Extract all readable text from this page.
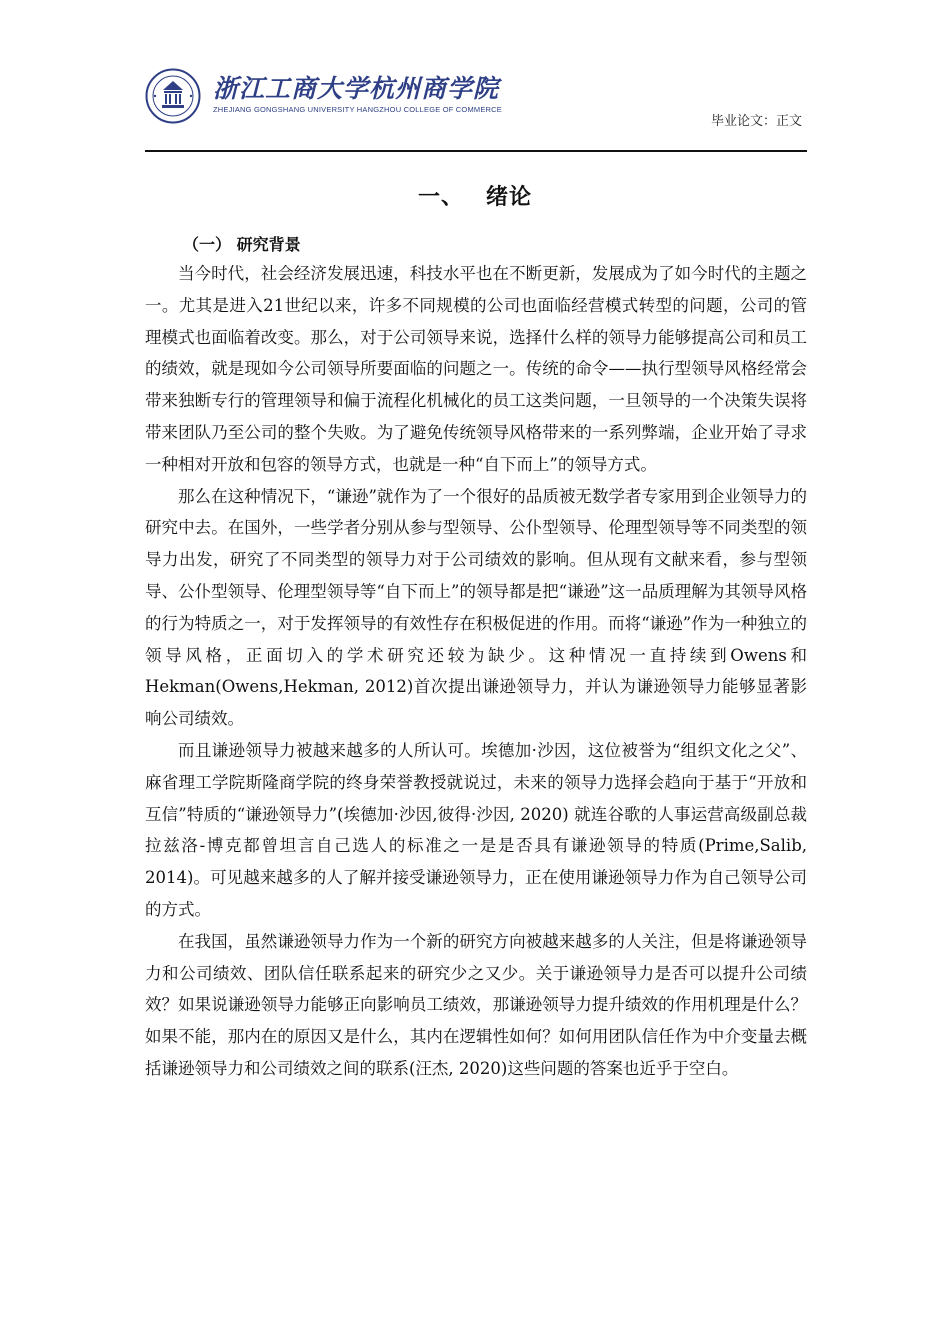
浙江工商大学杭州商学院
ZHEJIANG GONGSHANG UNIVERSITY HANGZHOU COLLEGE OF COMMERCE
毕业论文：正文
一、 绪论
（一） 研究背景

当今时代，社会经济发展迅速，科技水平也在不断更新，发展成为了如今时代的主题之一。尤其是进入21世纪以来，许多不同规模的公司也面临经营模式转型的问题，公司的管理模式也面临着改变。那么，对于公司领导来说，选择什么样的领导力能够提高公司和员工的绩效，就是现如今公司领导所要面临的问题之一。传统的命令——执行型领导风格经常会带来独断专行的管理领导和偏于流程化机械化的员工这类问题，一旦领导的一个决策失误将带来团队乃至公司的整个失败。为了避免传统领导风格带来的一系列弊端，企业开始了寻求一种相对开放和包容的领导方式，也就是一种“自下而上”的领导方式。

那么在这种情况下，“谦逊”就作为了一个很好的品质被无数学者专家用到企业领导力的研究中去。在国外，一些学者分别从参与型领导、公仆型领导、伦理型领导等不同类型的领导力出发，研究了不同类型的领导力对于公司绩效的影响。但从现有文献来看，参与型领导、公仆型领导、伦理型领导等“自下而上”的领导都是把“谦逊”这一品质理解为其领导风格的行为特质之一，对于发挥领导的有效性存在积极促进的作用。而将“谦逊”作为一种独立的领导风格，正面切入的学术研究还较为缺少。这种情况一直持续到Owens和Hekman(Owens,Hekman, 2012)首次提出谦逊领导力，并认为谦逊领导力能够显著影响公司绩效。

而且谦逊领导力被越来越多的人所认可。埃德加·沙因，这位被誉为“组织文化之父”、麻省理工学院斯隆商学院的终身荣誉教授就说过，未来的领导力选择会趋向于基于“开放和互信”特质的“谦逊领导力”(埃德加·沙因,彼得·沙因, 2020) 就连谷歌的人事运营高级副总裁拉兹洛-博克都曾坦言自己选人的标准之一是是否具有谦逊领导的特质(Prime,Salib, 2014)。可见越来越多的人了解并接受谦逊领导力，正在使用谦逊领导力作为自己领导公司的方式。

在我国，虽然谦逊领导力作为一个新的研究方向被越来越多的人关注，但是将谦逊领导力和公司绩效、团队信任联系起来的研究少之又少。关于谦逊领导力是否可以提升公司绩效？如果说谦逊领导力能够正向影响员工绩效，那谦逊领导力提升绩效的作用机理是什么？如果不能，那内在的原因又是什么，其内在逻辑性如何？如何用团队信任作为中介变量去概括谦逊领导力和公司绩效之间的联系(汪杰, 2020)这些问题的答案也近乎于空白。
